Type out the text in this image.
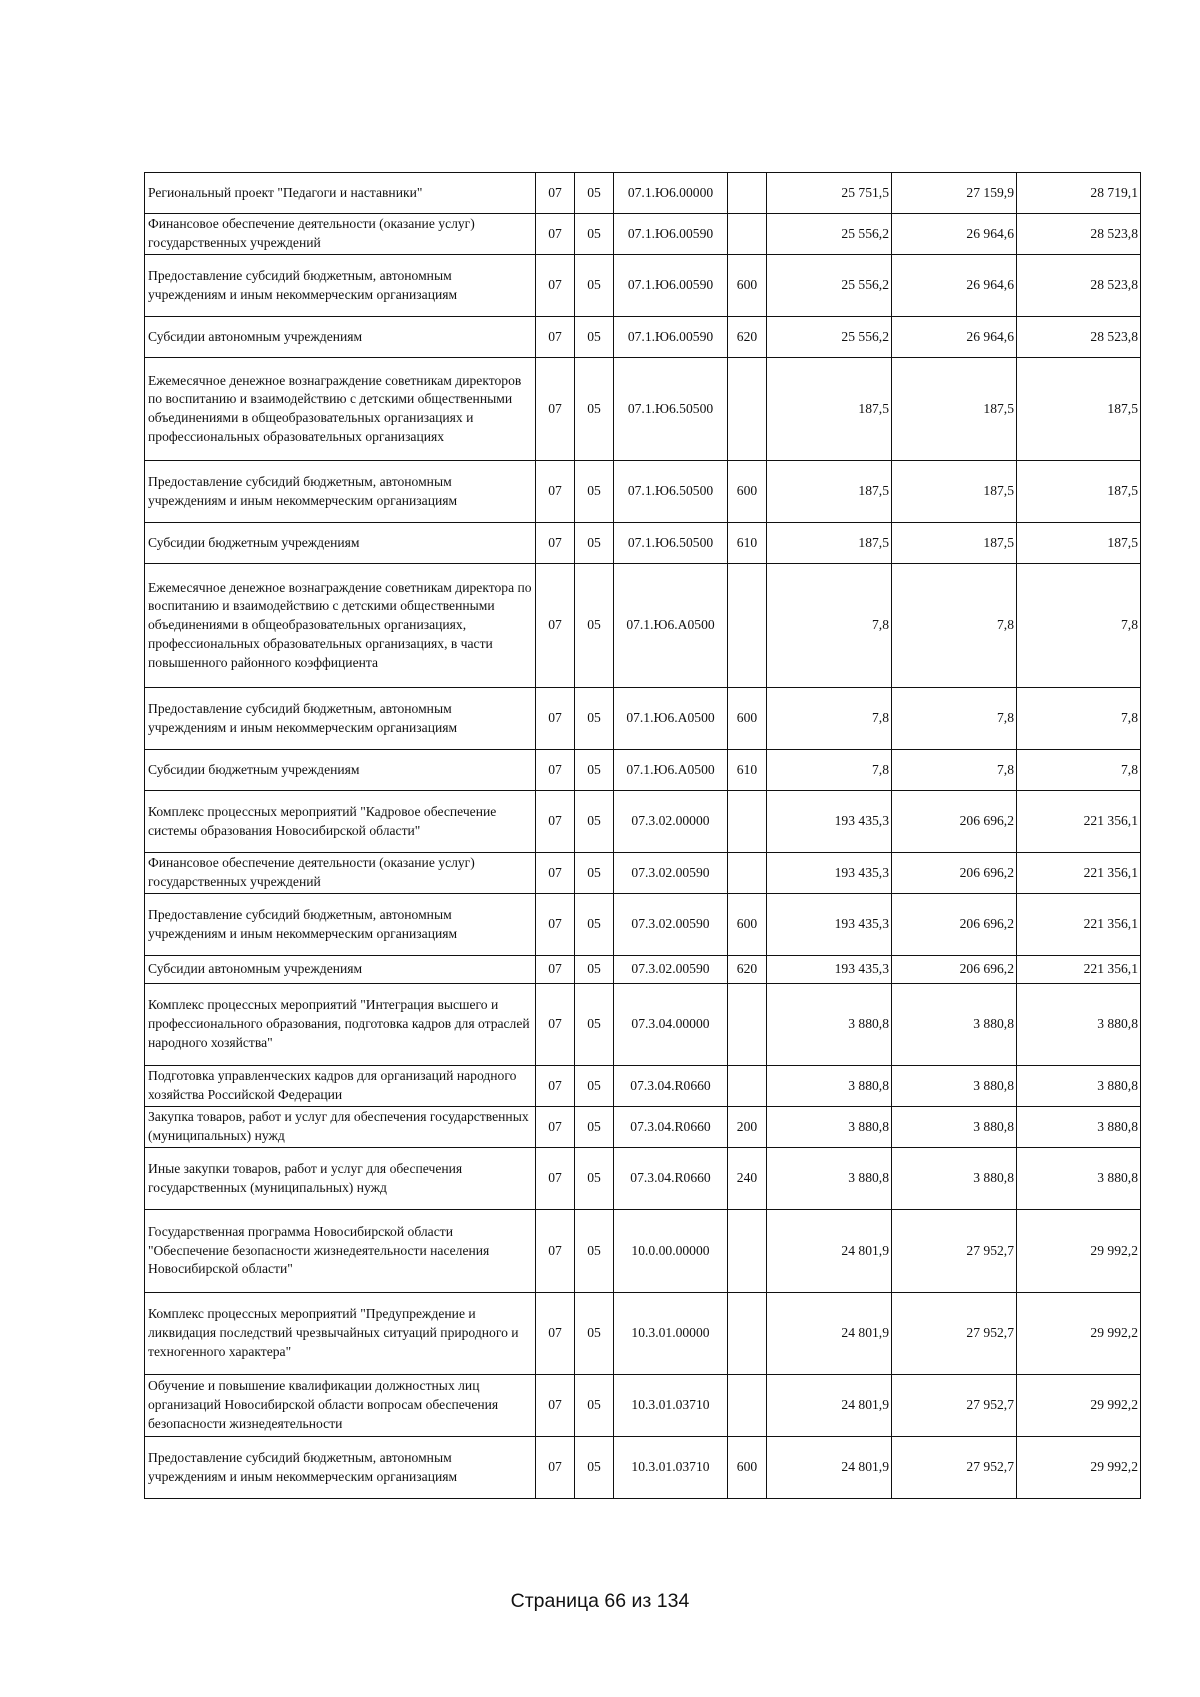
Региональный проект "Педагоги и наставники"	07	05	07.1.Ю6.00000		25 751,5	27 159,9	28 719,1
Финансовое обеспечение деятельности (оказание услуг) государственных учреждений	07	05	07.1.Ю6.00590		25 556,2	26 964,6	28 523,8
Предоставление субсидий бюджетным, автономным учреждениям и иным некоммерческим организациям	07	05	07.1.Ю6.00590	600	25 556,2	26 964,6	28 523,8
Субсидии автономным учреждениям	07	05	07.1.Ю6.00590	620	25 556,2	26 964,6	28 523,8
Ежемесячное денежное вознаграждение советникам директоров по воспитанию и взаимодействию с детскими общественными объединениями в общеобразовательных организациях и профессиональных образовательных организациях	07	05	07.1.Ю6.50500		187,5	187,5	187,5
Предоставление субсидий бюджетным, автономным учреждениям и иным некоммерческим организациям	07	05	07.1.Ю6.50500	600	187,5	187,5	187,5
Субсидии бюджетным учреждениям	07	05	07.1.Ю6.50500	610	187,5	187,5	187,5
Ежемесячное денежное вознаграждение советникам директора по воспитанию и взаимодействию с детскими общественными объединениями в общеобразовательных организациях, профессиональных образовательных организациях, в части повышенного районного коэффициента	07	05	07.1.Ю6.А0500		7,8	7,8	7,8
Предоставление субсидий бюджетным, автономным учреждениям и иным некоммерческим организациям	07	05	07.1.Ю6.А0500	600	7,8	7,8	7,8
Субсидии бюджетным учреждениям	07	05	07.1.Ю6.А0500	610	7,8	7,8	7,8
Комплекс процессных мероприятий "Кадровое обеспечение системы образования Новосибирской области"	07	05	07.3.02.00000		193 435,3	206 696,2	221 356,1
Финансовое обеспечение деятельности (оказание услуг) государственных учреждений	07	05	07.3.02.00590		193 435,3	206 696,2	221 356,1
Предоставление субсидий бюджетным, автономным учреждениям и иным некоммерческим организациям	07	05	07.3.02.00590	600	193 435,3	206 696,2	221 356,1
Субсидии автономным учреждениям	07	05	07.3.02.00590	620	193 435,3	206 696,2	221 356,1
Комплекс процессных мероприятий "Интеграция высшего и профессионального образования, подготовка кадров для отраслей народного хозяйства"	07	05	07.3.04.00000		3 880,8	3 880,8	3 880,8
Подготовка управленческих кадров для организаций народного хозяйства Российской Федерации	07	05	07.3.04.R0660		3 880,8	3 880,8	3 880,8
Закупка товаров, работ и услуг для обеспечения государственных (муниципальных) нужд	07	05	07.3.04.R0660	200	3 880,8	3 880,8	3 880,8
Иные закупки товаров, работ и услуг для обеспечения государственных (муниципальных) нужд	07	05	07.3.04.R0660	240	3 880,8	3 880,8	3 880,8
Государственная программа Новосибирской области "Обеспечение безопасности жизнедеятельности населения Новосибирской области"	07	05	10.0.00.00000		24 801,9	27 952,7	29 992,2
Комплекс процессных мероприятий "Предупреждение и ликвидация последствий чрезвычайных ситуаций природного и техногенного характера"	07	05	10.3.01.00000		24 801,9	27 952,7	29 992,2
Обучение и повышение квалификации должностных лиц организаций Новосибирской области вопросам обеспечения безопасности жизнедеятельности	07	05	10.3.01.03710		24 801,9	27 952,7	29 992,2
Предоставление субсидий бюджетным, автономным учреждениям и иным некоммерческим организациям	07	05	10.3.01.03710	600	24 801,9	27 952,7	29 992,2
Страница 66 из 134
